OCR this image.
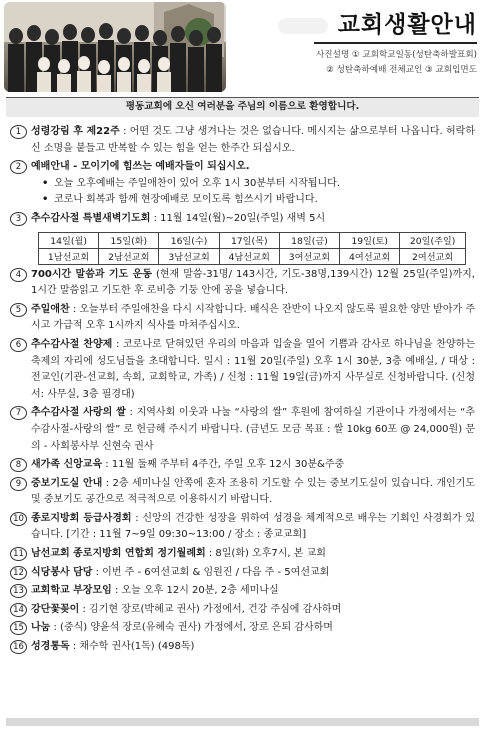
교회생활안내
사진설명 ① 교회학교일동(성탄축하발표회)
② 성탄축하예배 전체교인 ③ 교회입면도
평동교회에 오신 여러분을 주님의 이름으로 환영합니다.
1 성령강림 후 제22주 : 어떤 것도 그냥 생겨나는 것은 없습니다. 메시지는 삶으로부터 나옵니다. 허락하신 소명을 붙들고 반복할 수 있는 힘을 얻는 한주간 되십시오.
2 예배안내 - 모이기에 힘쓰는 예배자들이 되십시오.
• 오늘 오후예배는 주일애찬이 있어 오후 1시 30분부터 시작됩니다.
• 코로나 회복과 함께 현장예배로 모이도록 힘쓰시기 바랍니다.
3 추수감사절 특별새벽기도회 : 11월 14일(월)~20일(주일) 새벽 5시
14일(월)	15일(화)	16일(수)	17일(목)	18일(금)	19일(토)	20일(주일)
1남선교회	2남선교회	3남선교회	4남선교회	3여선교회	4여선교회	2여선교회
4 700시간 말씀과 기도 운동 (현재 말씀-31명/ 143시간, 기도-38명,139시간) 12월 25일(주일)까지, 1시간 말씀읽고 기도한 후 로비층 기둥 안에 공을 넣습니다.
5 주일애찬 : 오늘부터 주일애찬을 다시 시작합니다. 배식은 잔반이 나오지 않도록 필요한 양만 받아가 주시고 가급적 오후 1시까지 식사를 마쳐주십시오.
6 추수감사절 찬양제 : 코로나로 닫혀있던 우리의 마음과 입술을 열어 기쁨과 감사로 하나님을 찬양하는 축제의 자리에 성도님들을 초대합니다. 일시 : 11월 20일(주일) 오후 1시 30분, 3층 예배실, / 대상 : 전교인(기관-선교회, 속회, 교회학교, 가족) / 신청 : 11월 19일(금)까지 사무실로 신청바랍니다. (신청서: 사무실, 3층 필경대)
7 추수감사절 사랑의 쌀 : 지역사회 이웃과 나눌 “사랑의 쌀” 후원에 참여하실 기관이나 가정에서는 “추수감사절-사랑의 쌀” 로 헌금해 주시기 바랍니다. (금년도 모금 목표 : 쌀 10kg 60포 @ 24,000원) 문의 - 사회봉사부 신현숙 권사
8 새가족 신앙교육 : 11월 둘째 주부터 4주간, 주일 오후 12시 30분&주중
9 중보기도실 안내 : 2층 세미나실 안쪽에 혼자 조용히 기도할 수 있는 중보기도실이 있습니다. 개인기도 및 중보기도 공간으로 적극적으로 이용하시기 바랍니다.
10 종로지방회 등급사경회 : 신앙의 건강한 성장을 위하여 성경을 체계적으로 배우는 기회인 사경회가 있습니다. [기간 : 11월 7~9일 09:30~13:00 / 장소 : 종교교회]
11 남선교회 종로지방회 연합회 정기월례회 : 8일(화) 오후7시, 본 교회
12 식당봉사 담당 : 이번 주 - 6여선교회 & 임원진 / 다음 주 - 5여선교회
13 교회학교 부장모임 : 오늘 오후 12시 20분, 2층 세미나실
14 강단꽃꽂이 : 김기현 장로(박혜교 권사) 가정에서, 건강 주심에 감사하며
15 나눔 : (중식) 양윤석 장로(유혜숙 권사) 가정에서, 장로 은퇴 감사하며
16 성경통독 : 채수학 권사(1독) (498독)
